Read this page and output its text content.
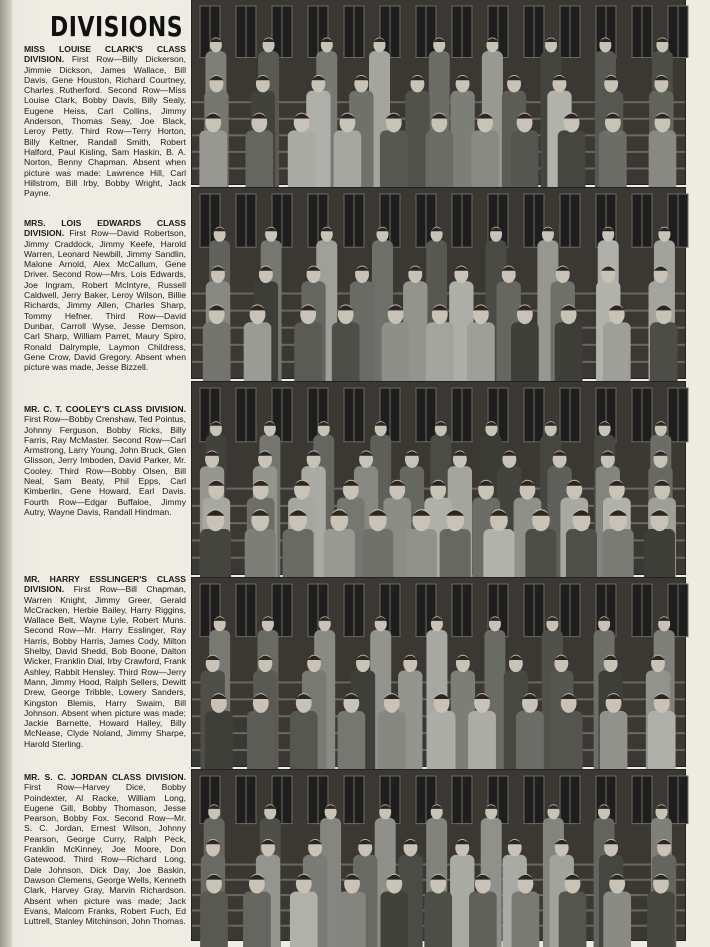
DIVISIONS

MISS LOUISE CLARK'S CLASS DIVISION. First Row—Billy Dickerson, Jimmie Dickson, James Wallace, Bill Davis, Gene Houston, Richard Courtney, Charles Rutherford. Second Row—Miss Louise Clark, Bobby Davis, Billy Sealy, Eugene Heiss, Carl Collins, Jimmy Anderson, Thomas Seay, Joe Black, Leroy Petty. Third Row—Terry Horton, Billy Keltner, Randall Smith, Robert Halford, Paul Kisling, Sam Haskin, B. A. Norton, Benny Chapman. Absent when picture was made: Lawrence Hill, Carl Hillstrom, Bill Irby, Bobby Wright, Jack Payne.

MRS. LOIS EDWARDS CLASS DIVISION. First Row—David Robertson, Jimmy Craddock, Jimmy Keefe, Harold Warren, Leonard Newbill, Jimmy Sandlin, Malone Arnold, Alex McCallum, Gene Driver. Second Row—Mrs. Lois Edwards, Joe Ingram, Robert McIntyre, Russell Caldwell, Jerry Baker, Leroy Wilson, Billie Richards, Jimmy Allen, Charles Sharp, Tommy Hefner. Third Row—David Dunbar, Carroll Wyse, Jesse Demson, Carl Sharp, William Parret, Maury Spiro, Ronald Dalrymple, Laymon Childress, Gene Crow, David Gregory. Absent when picture was made, Jesse Bizzell.

MR. C. T. COOLEY'S CLASS DIVISION. First Row—Bobby Crenshaw, Ted Pointus, Johnny Ferguson, Bobby Ricks, Billy Farris, Ray McMaster. Second Row—Carl Armstrong, Larry Young, John Bruck, Glen Glisson, Jerry Imboden, David Parker, Mr. Cooley. Third Row—Bobby Olsen, Bill Neal, Sam Beaty, Phil Epps, Carl Kimberlin, Gene Howard, Earl Davis. Fourth Row—Edgar Buffaloe, Jimmy Autry, Wayne Davis, Randall Hindman.

MR. HARRY ESSLINGER'S CLASS DIVISION. First Row—Bill Chapman, Warren Knight, Jimmy Greer, Gerald McCracken, Herbie Bailey, Harry Riggins, Wallace Belt, Wayne Lyle, Robert Muns. Second Row—Mr. Harry Esslinger, Ray Harris, Bobby Harris, James Cody, Milton Shelby, David Shedd, Bob Boone, Dalton Wicker, Franklin Dial, Irby Crawford, Frank Ashley, Rabbit Hensley. Third Row—Jerry Mann, Jimmy Hood, Ralph Sellers, Dewitt Drew, George Tribble, Lowery Sanders, Kingston Blemis, Harry Swaim, Bill Johnson. Absent when picture was made; Jackie Barnette, Howard Halley, Billy McNease, Clyde Noland, Jimmy Sharpe, Harold Sterling.

MR. S. C. JORDAN CLASS DIVISION. First Row—Harvey Dice, Bobby Poindexter, Al Racke, William Long, Eugene Gill, Bobby Thomason, Jesse Pearson, Bobby Fox. Second Row—Mr. S. C. Jordan, Ernest Wilson, Johnny Pearson, George Curry, Ralph Peck, Franklin McKinney, Joe Moore, Don Gatewood. Third Row—Richard Long, Dale Johnson, Dick Day, Joe Baskin, Dawson Clemens, George Wells, Kenneth Clark, Harvey Gray, Marvin Richardson. Absent when picture was made; Jack Evans, Malcom Franks, Robert Fuch, Ed Luttrell, Stanley Mitchinson, John Thomas.
